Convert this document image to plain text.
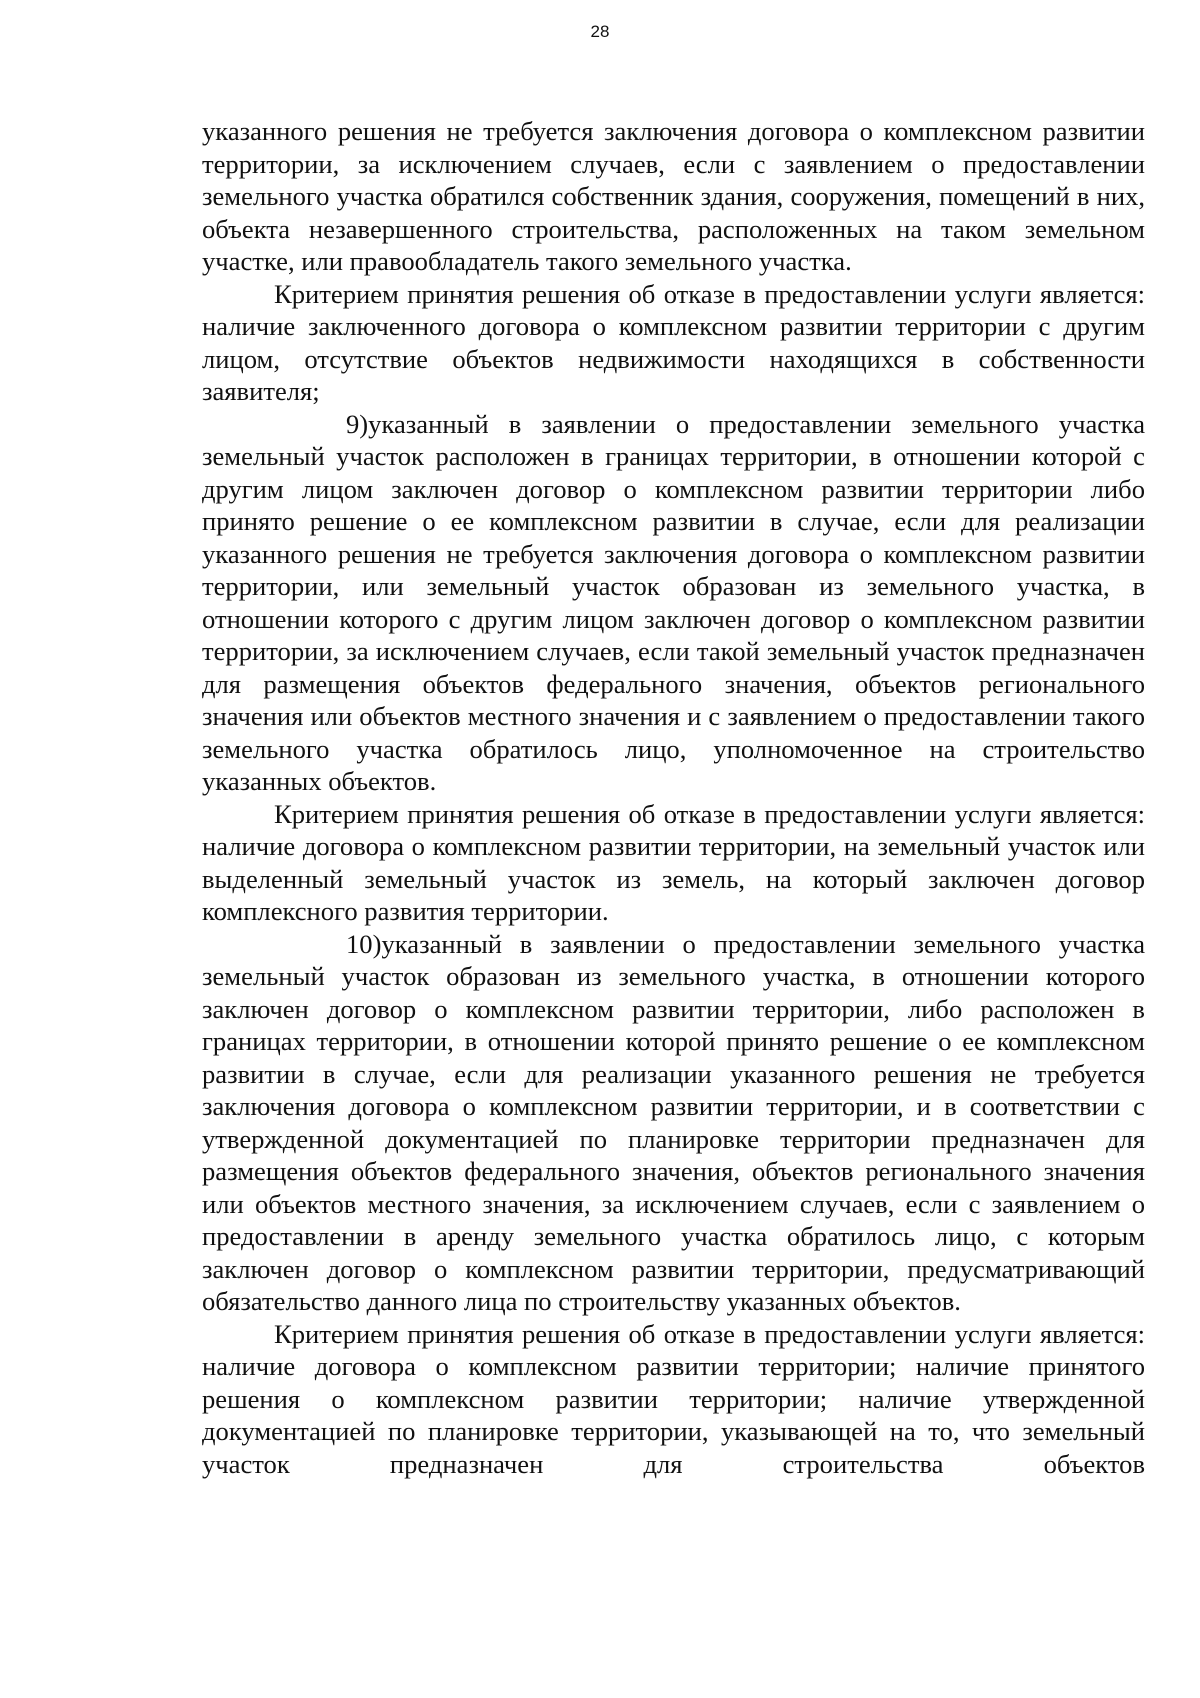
28

указанного решения не требуется заключения договора о комплексном развитии территории, за исключением случаев, если с заявлением о предоставлении земельного участка обратился собственник здания, сооружения, помещений в них, объекта незавершенного строительства, расположенных на таком земельном участке, или правообладатель такого земельного участка.

Критерием принятия решения об отказе в предоставлении услуги является: наличие заключенного договора о комплексном развитии территории с другим лицом, отсутствие объектов недвижимости находящихся в собственности заявителя;

9)указанный в заявлении о предоставлении земельного участка земельный участок расположен в границах территории, в отношении которой с другим лицом заключен договор о комплексном развитии территории либо принято решение о ее комплексном развитии в случае, если для реализации указанного решения не требуется заключения договора о комплексном развитии территории, или земельный участок образован из земельного участка, в отношении которого с другим лицом заключен договор о комплексном развитии территории, за исключением случаев, если такой земельный участок предназначен для размещения объектов федерального значения, объектов регионального значения или объектов местного значения и с заявлением о предоставлении такого земельного участка обратилось лицо, уполномоченное на строительство указанных объектов.

Критерием принятия решения об отказе в предоставлении услуги является: наличие договора о комплексном развитии территории, на земельный участок или выделенный земельный участок из земель, на который заключен договор комплексного развития территории.

10)указанный в заявлении о предоставлении земельного участка земельный участок образован из земельного участка, в отношении которого заключен договор о комплексном развитии территории, либо расположен в границах территории, в отношении которой принято решение о ее комплексном развитии в случае, если для реализации указанного решения не требуется заключения договора о комплексном развитии территории, и в соответствии с утвержденной документацией по планировке территории предназначен для размещения объектов федерального значения, объектов регионального значения или объектов местного значения, за исключением случаев, если с заявлением о предоставлении в аренду земельного участка обратилось лицо, с которым заключен договор о комплексном развитии территории, предусматривающий обязательство данного лица по строительству указанных объектов.

Критерием принятия решения об отказе в предоставлении услуги является: наличие договора о комплексном развитии территории; наличие принятого решения о комплексном развитии территории; наличие утвержденной документацией по планировке территории, указывающей на то, что земельный участок предназначен для строительства объектов
